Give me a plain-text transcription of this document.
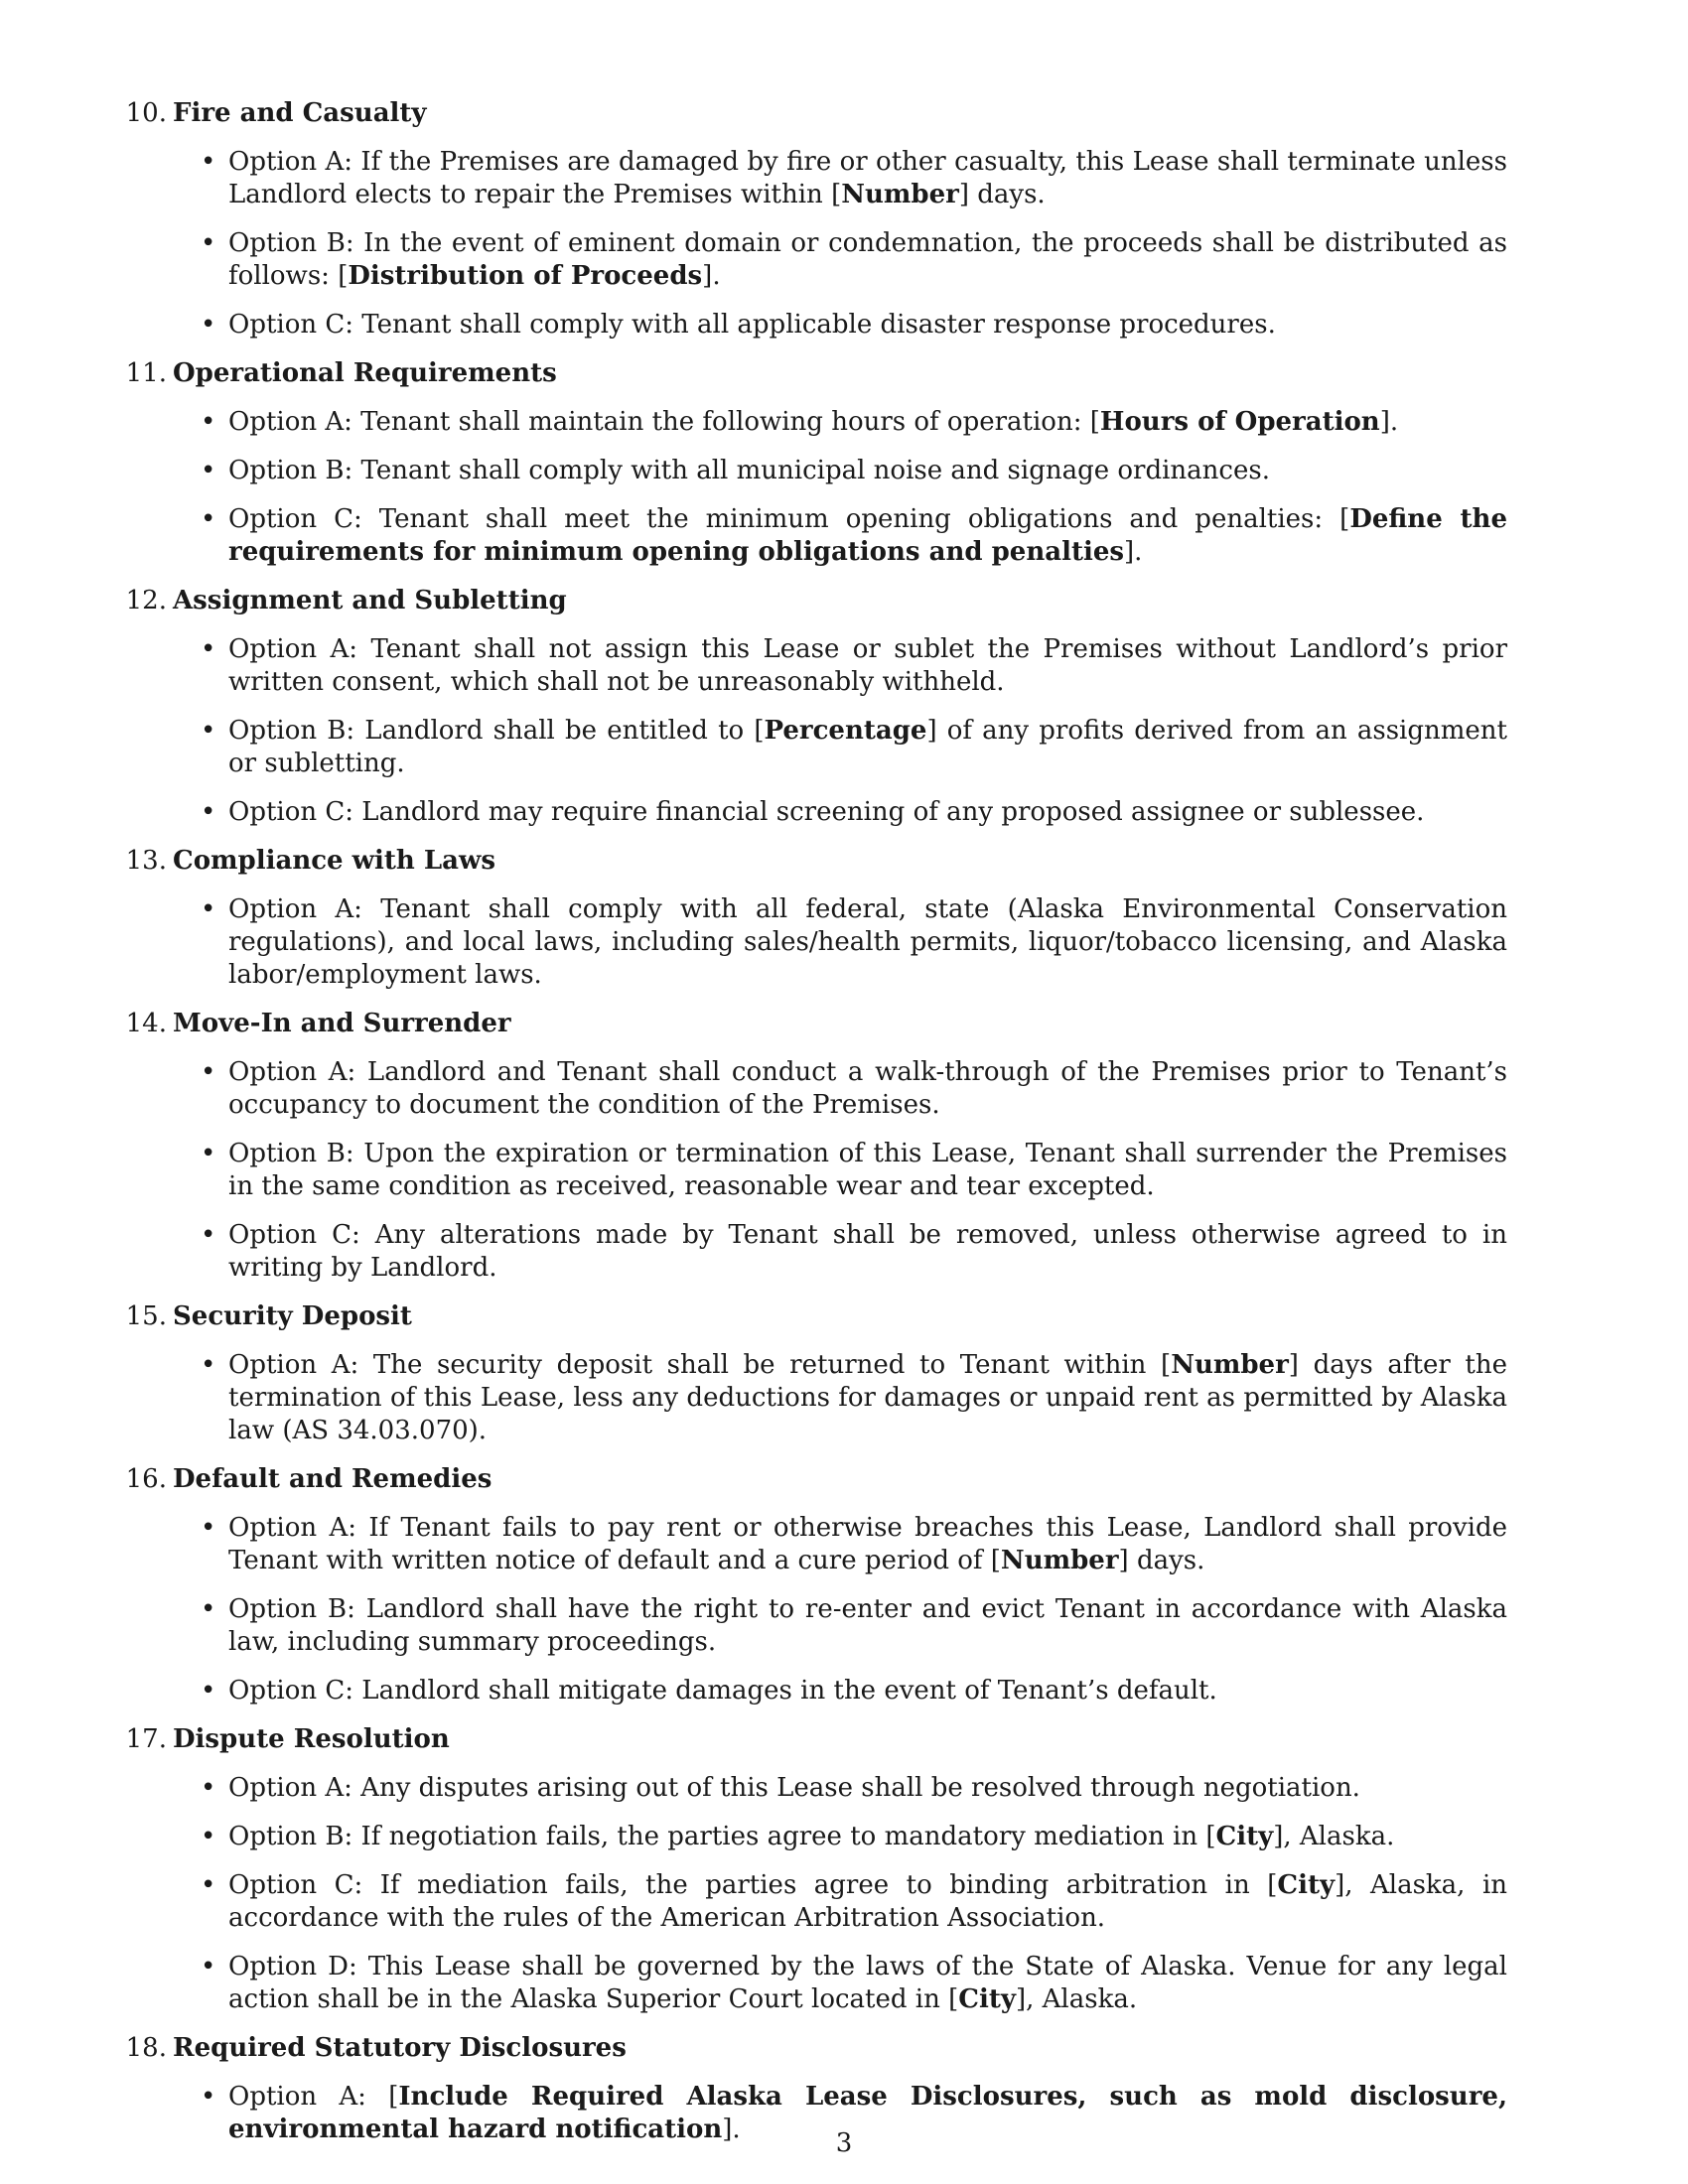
10. Fire and Casualty
• Option A: If the Premises are damaged by fire or other casualty, this Lease shall terminate unless Landlord elects to repair the Premises within [Number] days.
• Option B: In the event of eminent domain or condemnation, the proceeds shall be distributed as follows: [Distribution of Proceeds].
• Option C: Tenant shall comply with all applicable disaster response procedures.
11. Operational Requirements
• Option A: Tenant shall maintain the following hours of operation: [Hours of Operation].
• Option B: Tenant shall comply with all municipal noise and signage ordinances.
• Option C: Tenant shall meet the minimum opening obligations and penalties: [Define the requirements for minimum opening obligations and penalties].
12. Assignment and Subletting
• Option A: Tenant shall not assign this Lease or sublet the Premises without Landlord’s prior written consent, which shall not be unreasonably withheld.
• Option B: Landlord shall be entitled to [Percentage] of any profits derived from an assignment or subletting.
• Option C: Landlord may require financial screening of any proposed assignee or sublessee.
13. Compliance with Laws
• Option A: Tenant shall comply with all federal, state (Alaska Environmental Conservation regulations), and local laws, including sales/health permits, liquor/tobacco licensing, and Alaska labor/employment laws.
14. Move-In and Surrender
• Option A: Landlord and Tenant shall conduct a walk-through of the Premises prior to Tenant’s occupancy to document the condition of the Premises.
• Option B: Upon the expiration or termination of this Lease, Tenant shall surrender the Premises in the same condition as received, reasonable wear and tear excepted.
• Option C: Any alterations made by Tenant shall be removed, unless otherwise agreed to in writing by Landlord.
15. Security Deposit
• Option A: The security deposit shall be returned to Tenant within [Number] days after the termination of this Lease, less any deductions for damages or unpaid rent as permitted by Alaska law (AS 34.03.070).
16. Default and Remedies
• Option A: If Tenant fails to pay rent or otherwise breaches this Lease, Landlord shall provide Tenant with written notice of default and a cure period of [Number] days.
• Option B: Landlord shall have the right to re-enter and evict Tenant in accordance with Alaska law, including summary proceedings.
• Option C: Landlord shall mitigate damages in the event of Tenant’s default.
17. Dispute Resolution
• Option A: Any disputes arising out of this Lease shall be resolved through negotiation.
• Option B: If negotiation fails, the parties agree to mandatory mediation in [City], Alaska.
• Option C: If mediation fails, the parties agree to binding arbitration in [City], Alaska, in accordance with the rules of the American Arbitration Association.
• Option D: This Lease shall be governed by the laws of the State of Alaska. Venue for any legal action shall be in the Alaska Superior Court located in [City], Alaska.
18. Required Statutory Disclosures
• Option A: [Include Required Alaska Lease Disclosures, such as mold disclosure, environmental hazard notification].	3
